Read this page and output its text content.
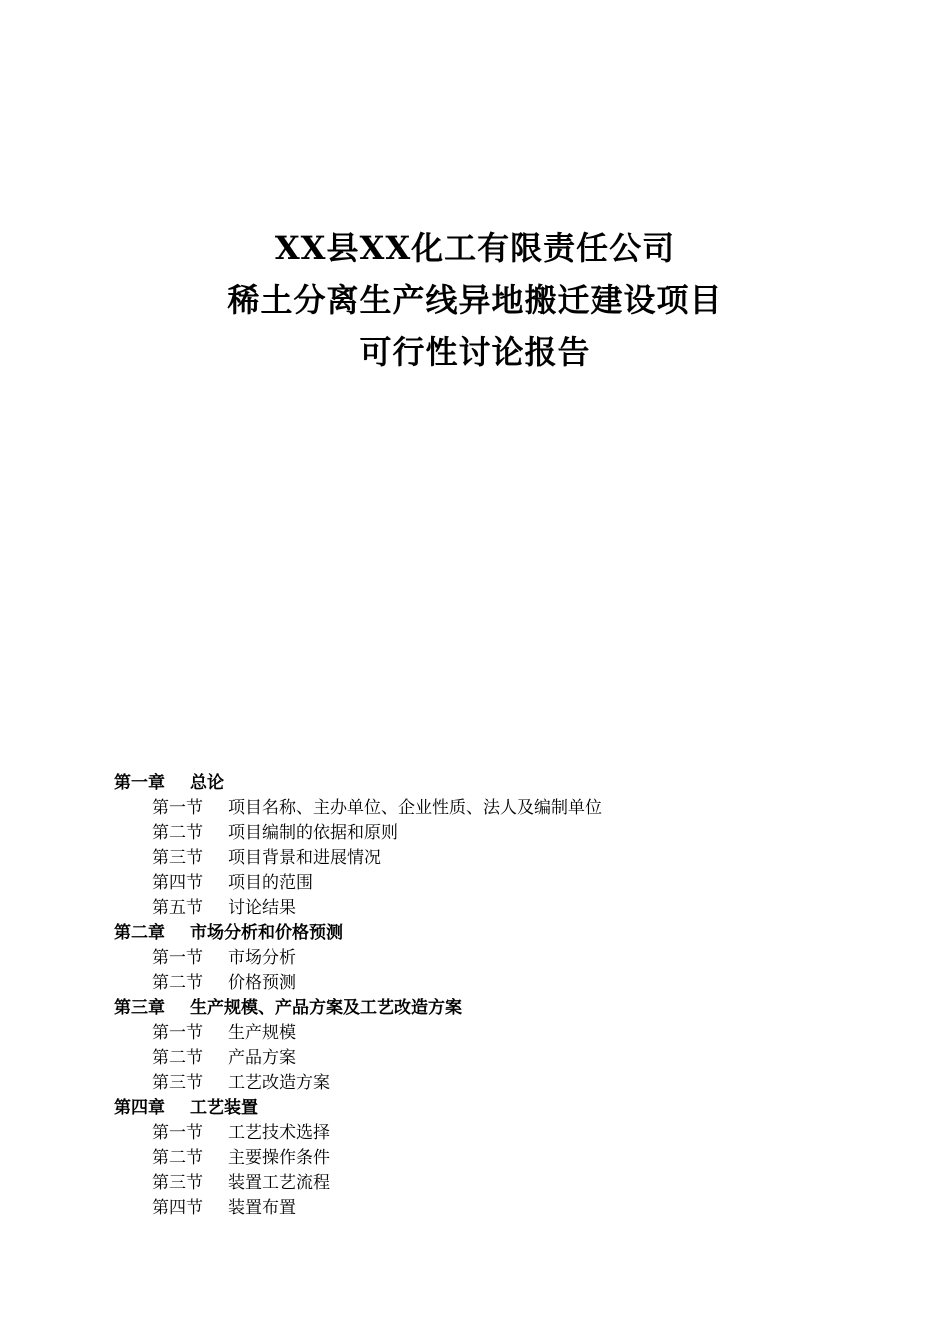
XX县XX化工有限责任公司
稀土分离生产线异地搬迁建设项目
可行性讨论报告
第一章	总论
第一节	项目名称、主办单位、企业性质、法人及编制单位
第二节	项目编制的依据和原则
第三节	项目背景和进展情况
第四节	项目的范围
第五节	讨论结果
第二章	市场分析和价格预测
第一节	市场分析
第二节	价格预测
第三章	生产规模、产品方案及工艺改造方案
第一节	生产规模
第二节	产品方案
第三节	工艺改造方案
第四章	工艺装置
第一节	工艺技术选择
第二节	主要操作条件
第三节	装置工艺流程
第四节	装置布置
